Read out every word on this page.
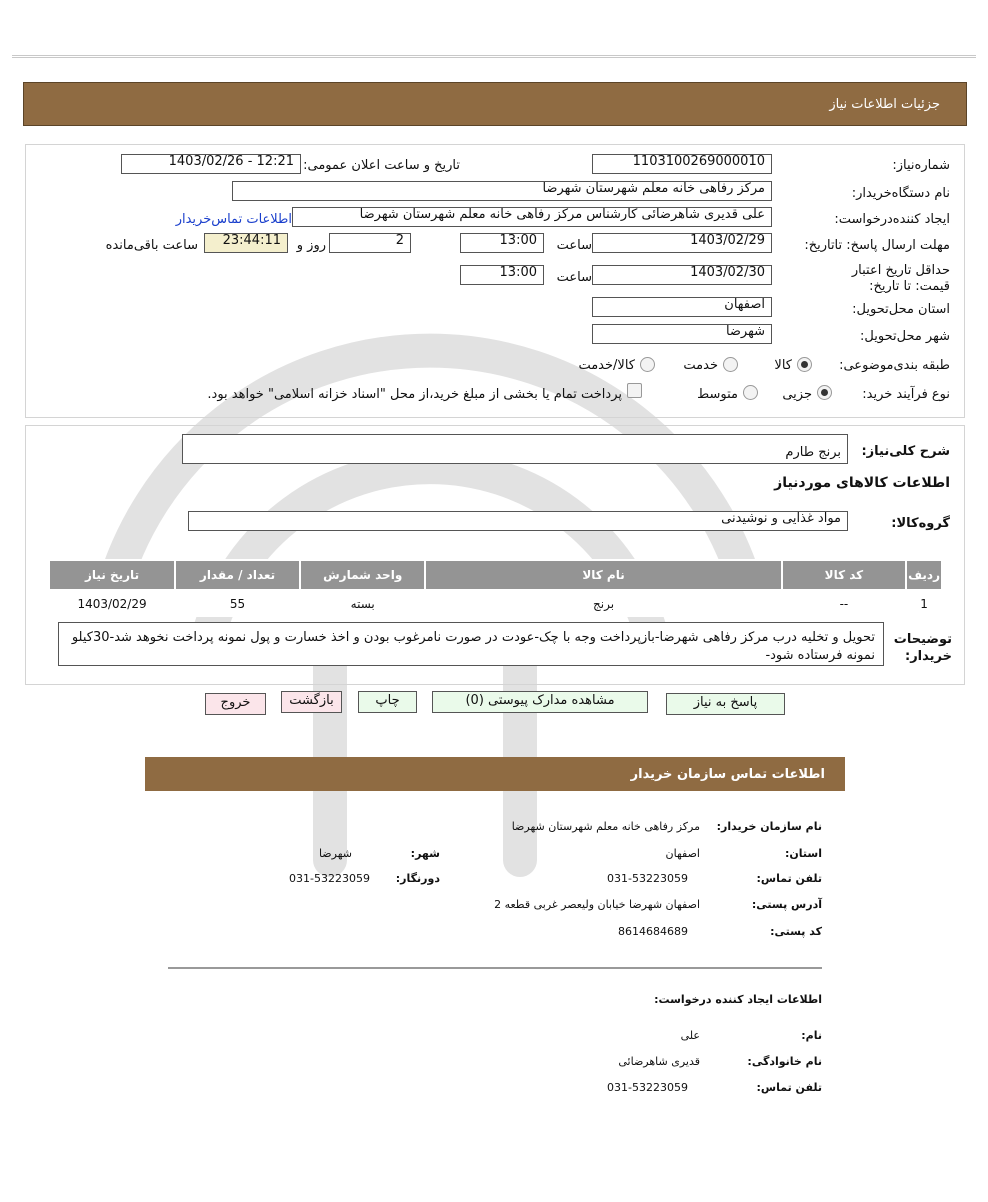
جزئیات اطلاعات نیاز
شماره‌نیاز:
1103100269000010
تاریخ و ساعت اعلان عمومی:
1403/02/26 - 12:21
نام دستگاه‌خریدار:
مرکز رفاهی خانه معلم شهرستان شهرضا
ایجاد کننده‌درخواست:
علی قدیری شاهرضائی کارشناس مرکز رفاهی خانه معلم شهرستان شهرضا
اطلاعات تماس‌خریدار
مهلت ارسال پاسخ: تاتاریخ:
1403/02/29
ساعت
13:00
2
روز و
23:44:11
ساعت باقی‌مانده
حداقل تاریخ اعتبار قیمت: تا تاریخ:
1403/02/30
ساعت
13:00
استان محل‌تحویل:
اصفهان
شهر محل‌تحویل:
شهرضا
طبقه بندی‌موضوعی:
کالا
خدمت
کالا/خدمت
نوع فرآیند خرید:
جزیی
متوسط
پرداخت تمام یا بخشی از مبلغ خرید،از محل "اسناد خزانه اسلامی" خواهد بود.
شرح کلی‌نیاز:
برنج طارم
اطلاعات کالاهای مورد‌نیاز
گروه‌کالا:
مواد غذایی و نوشیدنی
ردیف	کد کالا	نام کالا	واحد شمارش	تعداد / مقدار	تاریخ نیاز
1	--	برنج	بسته	55	1403/02/29
توضیحات خریدار:
تحویل و تخلیه درب مرکز رفاهی شهرضا-بازپرداخت وجه با چک-عودت در صورت نامرغوب بودن و اخذ خسارت و پول نمونه پرداخت نخوهد شد-30کیلو نمونه فرستاده شود-
پاسخ به نیاز
مشاهده مدارک پیوستی (0)
چاپ
بازگشت
خروج
اطلاعات تماس سازمان خریدار
نام سازمان خریدار:
مرکز رفاهی خانه معلم شهرستان شهرضا
استان:
اصفهان
شهر:
شهرضا
تلفن تماس:
031-53223059
دورنگار:
031-53223059
آدرس پستی:
اصفهان شهرضا خیابان ولیعصر غربی قطعه 2
کد پستی:
8614684689
اطلاعات ایجاد کننده درخواست:
نام:
علی
نام خانوادگی:
قدیری شاهرضائی
تلفن تماس:
031-53223059
